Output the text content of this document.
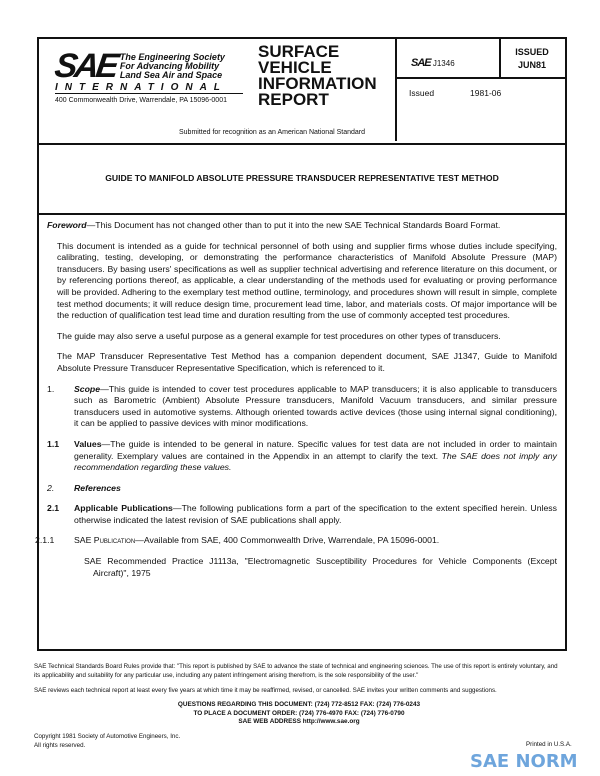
SAE The Engineering Society
For Advancing Mobility
Land Sea Air and Space
INTERNATIONAL
400 Commonwealth Drive, Warrendale, PA 15096-0001
SURFACE
VEHICLE
INFORMATION
REPORT
Submitted for recognition as an American National Standard
SAE J1346
ISSUED
JUN81
Issued	1981-06
GUIDE TO MANIFOLD ABSOLUTE PRESSURE TRANSDUCER REPRESENTATIVE TEST METHOD

Foreword—This Document has not changed other than to put it into the new SAE Technical Standards Board Format.

This document is intended as a guide for technical personnel of both using and supplier firms whose duties include specifying, calibrating, testing, developing, or demonstrating the performance characteristics of Manifold Absolute Pressure (MAP) transducers. By basing users' specifications as well as supplier technical advertising and reference literature on this document, or by referencing portions thereof, as applicable, a clear understanding of the methods used for evaluating or proving performance will be provided. Adhering to the exemplary test method outline, terminology, and procedures shown will result in simple, complete test method documents; it will reduce design time, procurement lead time, labor, and materials costs. Of major importance will be the reduction of qualification test lead time and duration resulting from the use of commonly accepted test procedures.

The guide may also serve a useful purpose as a general example for test procedures on other types of transducers.

The MAP Transducer Representative Test Method has a companion dependent document, SAE J1347, Guide to Manifold Absolute Pressure Transducer Representative Specification, which is referenced to it.

1. Scope—This guide is intended to cover test procedures applicable to MAP transducers; it is also applicable to transducers such as Barometric (Ambient) Absolute Pressure transducers, Manifold Vacuum transducers, and similar pressure transducers used in automotive systems. Although oriented towards active devices (those using internal signal conditioning), it can be applied to passive devices with minor modifications.

1.1 Values—The guide is intended to be general in nature. Specific values for test data are not included in order to maintain generality. Exemplary values are contained in the Appendix in an attempt to clarify the text. The SAE does not imply any recommendation regarding these values.

2. References

2.1 Applicable Publications—The following publications form a part of the specification to the extent specified herein. Unless otherwise indicated the latest revision of SAE publications shall apply.

2.1.1 SAE Publication—Available from SAE, 400 Commonwealth Drive, Warrendale, PA 15096-0001.

SAE Recommended Practice J1113a, "Electromagnetic Susceptibility Procedures for Vehicle Components (Except Aircraft)", 1975

SAE Technical Standards Board Rules provide that: "This report is published by SAE to advance the state of technical and engineering sciences. The use of this report is entirely voluntary, and its applicability and suitability for any particular use, including any patent infringement arising therefrom, is the sole responsibility of the user."
SAE reviews each technical report at least every five years at which time it may be reaffirmed, revised, or cancelled. SAE invites your written comments and suggestions.
QUESTIONS REGARDING THIS DOCUMENT: (724) 772-8512 FAX: (724) 776-0243
TO PLACE A DOCUMENT ORDER: (724) 776-4970 FAX: (724) 776-0790
SAE WEB ADDRESS http://www.sae.org
Copyright 1981 Society of Automotive Engineers, Inc.
All rights reserved.	Printed in U.S.A.
SAE NORM
